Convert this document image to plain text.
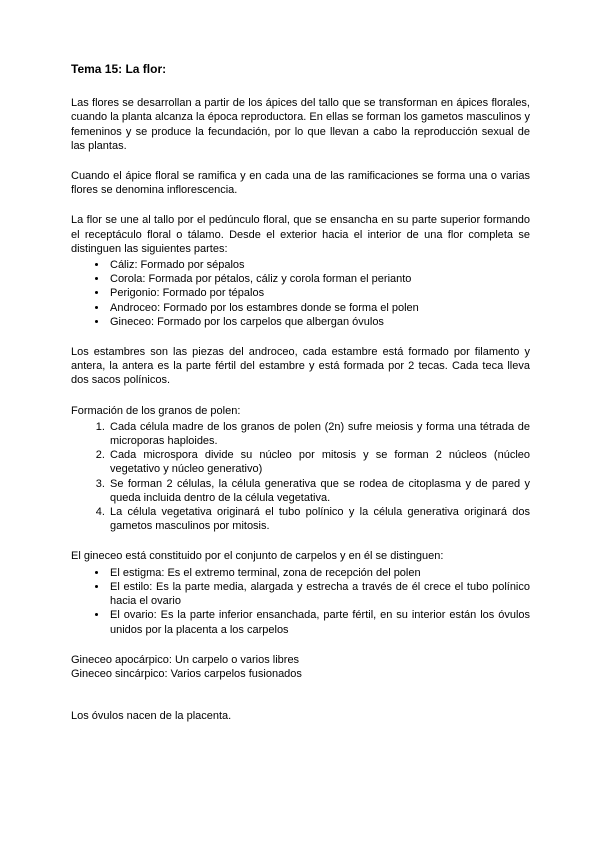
Tema 15: La flor:

Las flores se desarrollan a partir de los ápices del tallo que se transforman en ápices florales, cuando la planta alcanza la época reproductora. En ellas se forman los gametos masculinos y femeninos y se produce la fecundación, por lo que llevan a cabo la reproducción sexual de las plantas.

Cuando el ápice floral se ramifica y en cada una de las ramificaciones se forma una o varias flores se denomina inflorescencia.

La flor se une al tallo por el pedúnculo floral, que se ensancha en su parte superior formando el receptáculo floral o tálamo. Desde el exterior hacia el interior de una flor completa se distinguen las siguientes partes:

• Cáliz: Formado por sépalos
• Corola: Formada por pétalos, cáliz y corola forman el perianto
• Perigonio: Formado por tépalos
• Androceo: Formado por los estambres donde se forma el polen
• Gineceo: Formado por los carpelos que albergan óvulos

Los estambres son las piezas del androceo, cada estambre está formado por filamento y antera, la antera es la parte fértil del estambre y está formada por 2 tecas. Cada teca lleva dos sacos polínicos.

Formación de los granos de polen:

1. Cada célula madre de los granos de polen (2n) sufre meiosis y forma una tétrada de microporas haploides.
2. Cada microspora divide su núcleo por mitosis y se forman 2 núcleos (núcleo vegetativo y núcleo generativo)
3. Se forman 2 células, la célula generativa que se rodea de citoplasma y de pared y queda incluida dentro de la célula vegetativa.
4. La célula vegetativa originará el tubo polínico y la célula generativa originará dos gametos masculinos por mitosis.

El gineceo está constituido por el conjunto de carpelos y en él se distinguen:

• El estigma: Es el extremo terminal, zona de recepción del polen
• El estilo: Es la parte media, alargada y estrecha a través de él crece el tubo polínico hacia el ovario
• El ovario: Es la parte inferior ensanchada, parte fértil, en su interior están los óvulos unidos por la placenta a los carpelos

Gineceo apocárpico: Un carpelo o varios libres

Gineceo sincárpico: Varios carpelos fusionados

Los óvulos nacen de la placenta.
